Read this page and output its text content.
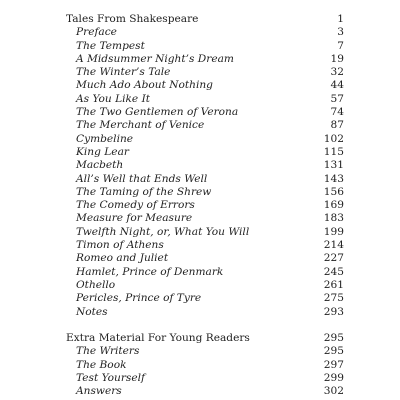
Tales From Shakespeare	1
Preface	3
The Tempest	7
A Midsummer Night’s Dream	19
The Winter’s Tale	32
Much Ado About Nothing	44
As You Like It	57
The Two Gentlemen of Verona	74
The Merchant of Venice	87
Cymbeline	102
King Lear	115
Macbeth	131
All’s Well that Ends Well	143
The Taming of the Shrew	156
The Comedy of Errors	169
Measure for Measure	183
Twelfth Night, or, What You Will	199
Timon of Athens	214
Romeo and Juliet	227
Hamlet, Prince of Denmark	245
Othello	261
Pericles, Prince of Tyre	275
Notes	293
Extra Material For Young Readers	295
The Writers	295
The Book	297
Test Yourself	299
Answers	302
